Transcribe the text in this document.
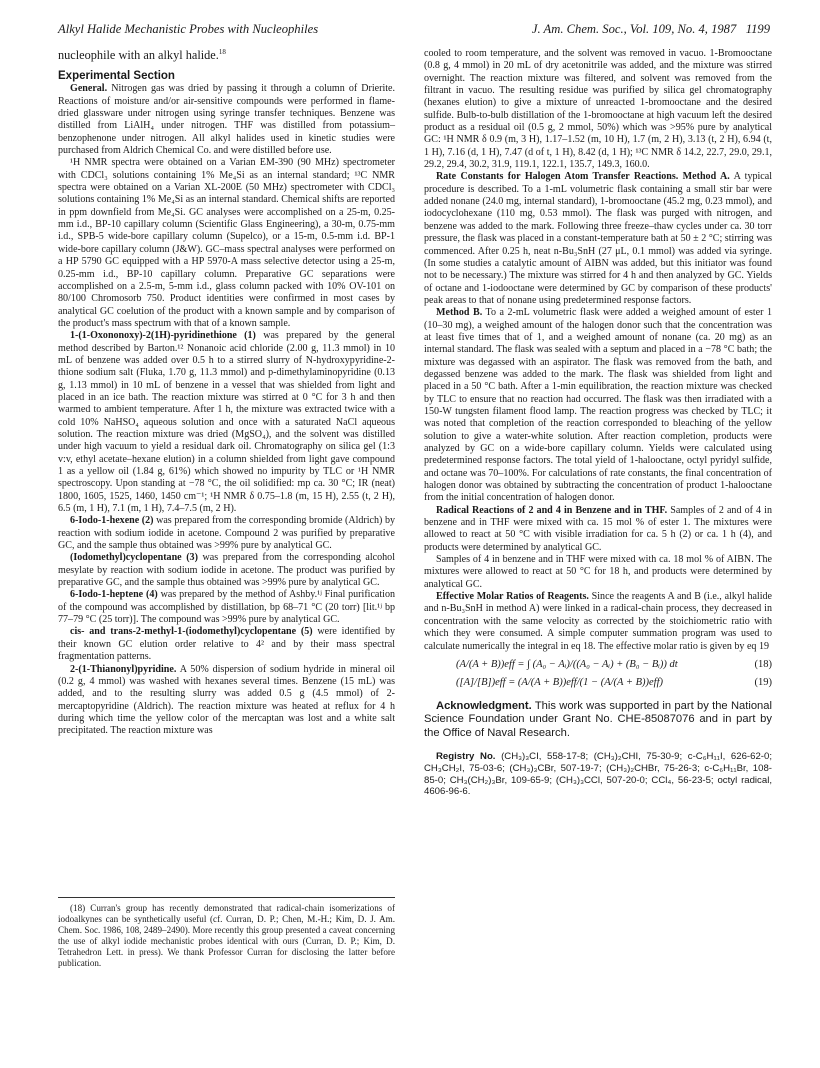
Alkyl Halide Mechanistic Probes with Nucleophiles	J. Am. Chem. Soc., Vol. 109, No. 4, 1987 1199

nucleophile with an alkyl halide.$^{18}$

Experimental Section

General. Nitrogen gas was dried by passing it through a column of Drierite. Reactions of moisture and/or air-sensitive compounds were performed in flame-dried glassware under nitrogen using syringe transfer techniques. Benzene was distilled from LiAlH₄ under nitrogen. THF was distilled from potassium–benzophenone under nitrogen. All alkyl halides used in kinetic studies were purchased from Aldrich Chemical Co. and were distilled before use.

¹H NMR spectra were obtained on a Varian EM-390 (90 MHz) spectrometer with CDCl₃ solutions containing 1% Me₄Si as an internal standard; ¹³C NMR spectra were obtained on a Varian XL-200E (50 MHz) spectrometer with CDCl₃ solutions containing 1% Me₄Si as an internal standard. Chemical shifts are reported in ppm downfield from Me₄Si. GC analyses were accomplished on a 25-m, 0.25-mm i.d., BP-10 capillary column (Scientific Glass Engineering), a 30-m, 0.75-mm i.d., SPB-5 wide-bore capillary column (Supelco), or a 15-m, 0.5-mm i.d. BP-1 wide-bore capillary column (J&W). GC–mass spectral analyses were performed on a HP 5790 GC equipped with a HP 5970-A mass selective detector using a 25-m, 0.25-mm i.d., BP-10 capillary column. Preparative GC separations were accomplished on a 2.5-m, 5-mm i.d., glass column packed with 10% OV-101 on 80/100 Chromosorb 750. Product identities were confirmed in most cases by analytical GC coelution of the product with a known sample and by comparison of the product's mass spectrum with that of a known sample.

1-(1-Oxononoxy)-2(1H)-pyridinethione (1) was prepared by the general method described by Barton.¹² Nonanoic acid chloride (2.00 g, 11.3 mmol) in 10 mL of benzene was added over 0.5 h to a stirred slurry of N-hydroxypyridine-2-thione sodium salt (Fluka, 1.70 g, 11.3 mmol) and p-dimethylaminopyridine (0.13 g, 1.13 mmol) in 10 mL of benzene in a vessel that was shielded from light and placed in an ice bath. The reaction mixture was stirred at 0 °C for 3 h and then warmed to ambient temperature. After 1 h, the mixture was extracted twice with a cold 10% NaHSO₄ aqueous solution and once with a saturated NaCl aqueous solution. The reaction mixture was dried (MgSO₄), and the solvent was distilled under high vacuum to yield a residual dark oil. Chromatography on silica gel (1:3 v:v, ethyl acetate–hexane elution) in a column shielded from light gave compound 1 as a yellow oil (1.84 g, 61%) which showed no impurity by TLC or ¹H NMR spectroscopy. Upon standing at −78 °C, the oil solidified: mp ca. 30 °C; IR (neat) 1800, 1605, 1525, 1460, 1450 cm⁻¹; ¹H NMR δ 0.75–1.8 (m, 15 H), 2.55 (t, 2 H), 6.5 (m, 1 H), 7.1 (m, 1 H), 7.4–7.5 (m, 2 H).

6-Iodo-1-hexene (2) was prepared from the corresponding bromide (Aldrich) by reaction with sodium iodide in acetone. Compound 2 was purified by preparative GC, and the sample thus obtained was >99% pure by analytical GC.

(Iodomethyl)cyclopentane (3) was prepared from the corresponding alcohol mesylate by reaction with sodium iodide in acetone. The product was purified by preparative GC, and the sample thus obtained was >99% pure by analytical GC.

6-Iodo-1-heptene (4) was prepared by the method of Ashby.¹ʲ Final purification of the compound was accomplished by distillation, bp 68–71 °C (20 torr) [lit.¹ʲ bp 77–79 °C (25 torr)]. The compound was >99% pure by analytical GC.

cis- and trans-2-methyl-1-(iodomethyl)cyclopentane (5) were identified by their known GC elution order relative to 4² and by their mass spectral fragmentation patterns.

2-(1-Thianonyl)pyridine. A 50% dispersion of sodium hydride in mineral oil (0.2 g, 4 mmol) was washed with hexanes several times. Benzene (15 mL) was added, and to the resulting slurry was added 0.5 g (4.5 mmol) of 2-mercaptopyridine (Aldrich). The reaction mixture was heated at reflux for 4 h during which time the yellow color of the mercaptan was lost and a white salt precipitated. The reaction mixture was

(18) Curran's group has recently demonstrated that radical-chain isomerizations of iodoalkynes can be synthetically useful (cf. Curran, D. P.; Chen, M.-H.; Kim, D. J. Am. Chem. Soc. 1986, 108, 2489–2490). More recently this group presented a caveat concerning the use of alkyl iodide mechanistic probes identical with ours (Curran, D. P.; Kim, D. Tetrahedron Lett. in press). We thank Professor Curran for disclosing the latter before publication.

cooled to room temperature, and the solvent was removed in vacuo. 1-Bromooctane (0.8 g, 4 mmol) in 20 mL of dry acetonitrile was added, and the mixture was stirred overnight. The reaction mixture was filtered, and solvent was removed from the filtrant in vacuo. The resulting residue was purified by silica gel chromatography (hexanes elution) to give a mixture of unreacted 1-bromooctane and the desired sulfide. Bulb-to-bulb distillation of the 1-bromooctane at high vacuum left the desired product as a residual oil (0.5 g, 2 mmol, 50%) which was >95% pure by analytical GC: ¹H NMR δ 0.9 (m, 3 H), 1.17–1.52 (m, 10 H), 1.7 (m, 2 H), 3.13 (t, 2 H), 6.94 (t, 1 H), 7.16 (d, 1 H), 7.47 (d of t, 1 H), 8.42 (d, 1 H); ¹³C NMR δ 14.2, 22.7, 29.0, 29.1, 29.2, 29.4, 30.2, 31.9, 119.1, 122.1, 135.7, 149.3, 160.0.

Rate Constants for Halogen Atom Transfer Reactions. Method A. A typical procedure is described. To a 1-mL volumetric flask containing a small stir bar were added nonane (24.0 mg, internal standard), 1-bromooctane (45.2 mg, 0.23 mmol), and iodocyclohexane (110 mg, 0.53 mmol). The flask was purged with nitrogen, and benzene was added to the mark. Following three freeze–thaw cycles under ca. 30 torr pressure, the flask was placed in a constant-temperature bath at 50 ± 2 °C; stirring was commenced. After 0.25 h, neat n-Bu₃SnH (27 μL, 0.1 mmol) was added via syringe. (In some studies a catalytic amount of AIBN was added, but this initiator was found not to be necessary.) The mixture was stirred for 4 h and then analyzed by GC. Yields of octane and 1-iodooctane were determined by GC by comparison of these products' peak areas to that of nonane using predetermined response factors.

Method B. To a 2-mL volumetric flask were added a weighed amount of ester 1 (10–30 mg), a weighed amount of the halogen donor such that the concentration was at least five times that of 1, and a weighed amount of nonane (ca. 20 mg) as an internal standard. The flask was sealed with a septum and placed in a −78 °C bath; the mixture was degassed with an aspirator. The flask was removed from the bath, and degassed benzene was added to the mark. The flask was shielded from light and placed in a 50 °C bath. After a 1-min equilibration, the reaction mixture was checked by TLC to ensure that no reaction had occurred. The flask was then irradiated with a 150-W tungsten filament flood lamp. The reaction progress was checked by TLC; it was noted that completion of the reaction corresponded to bleaching of the yellow solution to give a water-white solution. After reaction completion, products were analyzed by GC on a wide-bore capillary column. Yields were calculated using predetermined response factors. The total yield of 1-halooctane, octyl pyridyl sulfide, and octane was 70–100%. For calculations of rate constants, the final concentration of halogen donor was obtained by subtracting the concentration of product 1-halooctane from the initial concentration of halogen donor.

Radical Reactions of 2 and 4 in Benzene and in THF. Samples of 2 and of 4 in benzene and in THF were mixed with ca. 15 mol % of ester 1. The mixtures were allowed to react at 50 °C with visible irradiation for ca. 5 h (2) or ca. 1 h (4), and products were determined by analytical GC.

Samples of 4 in benzene and in THF were mixed with ca. 18 mol % of AIBN. The mixtures were allowed to react at 50 °C for 18 h, and products were determined by analytical GC.

Effective Molar Ratios of Reagents. Since the reagents A and B (i.e., alkyl halide and n-Bu₃SnH in method A) were linked in a radical-chain process, they decreased in concentration with the same velocity as corrected by the stoichiometric ratio with which they were consumed. A simple computer summation program was used to calculate numerically the integral in eq 18. The effective molar ratio is given by eq 19

(A/(A + B))eff = ∫ (A₀ − Aᵢ)/((A₀ − Aᵢ) + (B₀ − Bᵢ)) dt	(18)
([A]/[B])eff = (A/(A + B))eff/(1 − (A/(A + B))eff)	(19)

Acknowledgment. This work was supported in part by the National Science Foundation under Grant No. CHE-85087076 and in part by the Office of Naval Research.

Registry No. (CH₃)₃CI, 558-17-8; (CH₃)₂CHI, 75-30-9; c-C₆H₁₁I, 626-62-0; CH₃CH₂I, 75-03-6; (CH₃)₃CBr, 507-19-7; (CH₃)₂CHBr, 75-26-3; c-C₆H₁₁Br, 108-85-0; CH₃(CH₂)₃Br, 109-65-9; (CH₃)₃CCl, 507-20-0; CCl₄, 56-23-5; octyl radical, 4606-96-6.
